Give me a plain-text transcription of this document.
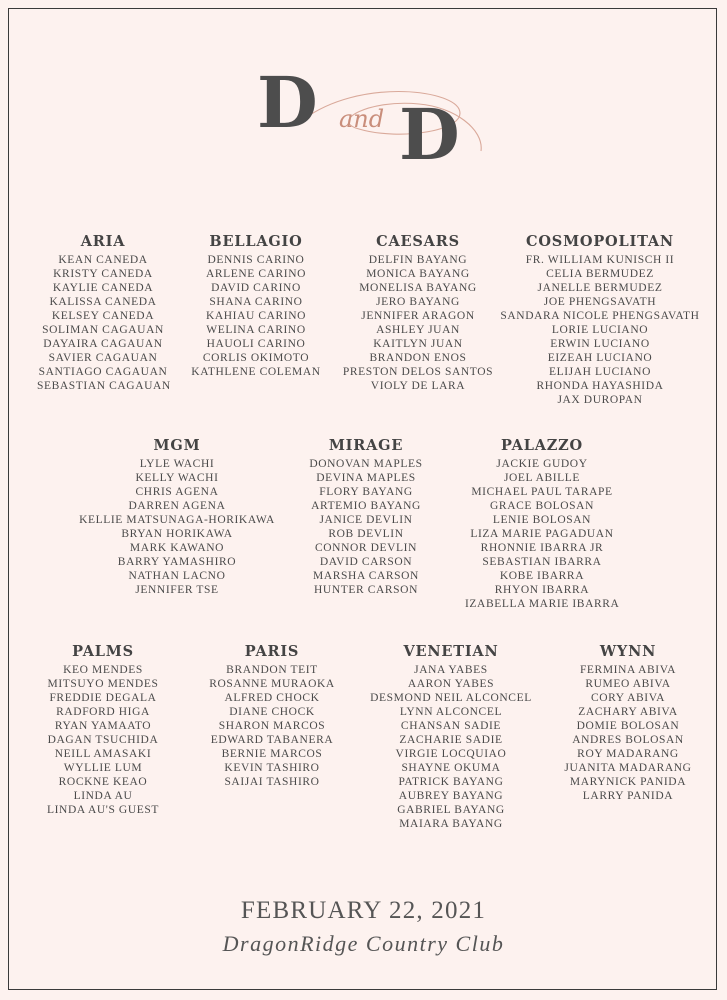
D and D
ARIA
KEAN CANEDA
KRISTY CANEDA
KAYLIE CANEDA
KALISSA CANEDA
KELSEY CANEDA
SOLIMAN CAGAUAN
DAYAIRA CAGAUAN
SAVIER CAGAUAN
SANTIAGO CAGAUAN
SEBASTIAN CAGAUAN
BELLAGIO
DENNIS CARINO
ARLENE CARINO
DAVID CARINO
SHANA CARINO
KAHIAU CARINO
WELINA CARINO
HAUOLI CARINO
CORLIS OKIMOTO
KATHLENE COLEMAN
CAESARS
DELFIN BAYANG
MONICA BAYANG
MONELISA BAYANG
JERO BAYANG
JENNIFER ARAGON
ASHLEY JUAN
KAITLYN JUAN
BRANDON ENOS
PRESTON DELOS SANTOS
VIOLY DE LARA
COSMOPOLITAN
FR. WILLIAM KUNISCH II
CELIA BERMUDEZ
JANELLE BERMUDEZ
JOE PHENGSAVATH
SANDARA NICOLE PHENGSAVATH
LORIE LUCIANO
ERWIN LUCIANO
EIZEAH LUCIANO
ELIJAH LUCIANO
RHONDA HAYASHIDA
JAX DUROPAN
MGM
LYLE WACHI
KELLY WACHI
CHRIS AGENA
DARREN AGENA
KELLIE MATSUNAGA-HORIKAWA
BRYAN HORIKAWA
MARK KAWANO
BARRY YAMASHIRO
NATHAN LACNO
JENNIFER TSE
MIRAGE
DONOVAN MAPLES
DEVINA MAPLES
FLORY BAYANG
ARTEMIO BAYANG
JANICE DEVLIN
ROB DEVLIN
CONNOR DEVLIN
DAVID CARSON
MARSHA CARSON
HUNTER CARSON
PALAZZO
JACKIE GUDOY
JOEL ABILLE
MICHAEL PAUL TARAPE
GRACE BOLOSAN
LENIE BOLOSAN
LIZA MARIE PAGADUAN
RHONNIE IBARRA JR
SEBASTIAN IBARRA
KOBE IBARRA
RHYON IBARRA
IZABELLA MARIE IBARRA
PALMS
KEO MENDES
MITSUYO MENDES
FREDDIE DEGALA
RADFORD HIGA
RYAN YAMAATO
DAGAN TSUCHIDA
NEILL AMASAKI
WYLLIE LUM
ROCKNE KEAO
LINDA AU
LINDA AU'S GUEST
PARIS
BRANDON TEIT
ROSANNE MURAOKA
ALFRED CHOCK
DIANE CHOCK
SHARON MARCOS
EDWARD TABANERA
BERNIE MARCOS
KEVIN TASHIRO
SAIJAI TASHIRO
VENETIAN
JANA YABES
AARON YABES
DESMOND NEIL ALCONCEL
LYNN ALCONCEL
CHANSAN SADIE
ZACHARIE SADIE
VIRGIE LOCQUIAO
SHAYNE OKUMA
PATRICK BAYANG
AUBREY BAYANG
GABRIEL BAYANG
MAIARA BAYANG
WYNN
FERMINA ABIVA
RUMEO ABIVA
CORY ABIVA
ZACHARY ABIVA
DOMIE BOLOSAN
ANDRES BOLOSAN
ROY MADARANG
JUANITA MADARANG
MARYNICK PANIDA
LARRY PANIDA
FEBRUARY 22, 2021
DragonRidge Country Club
